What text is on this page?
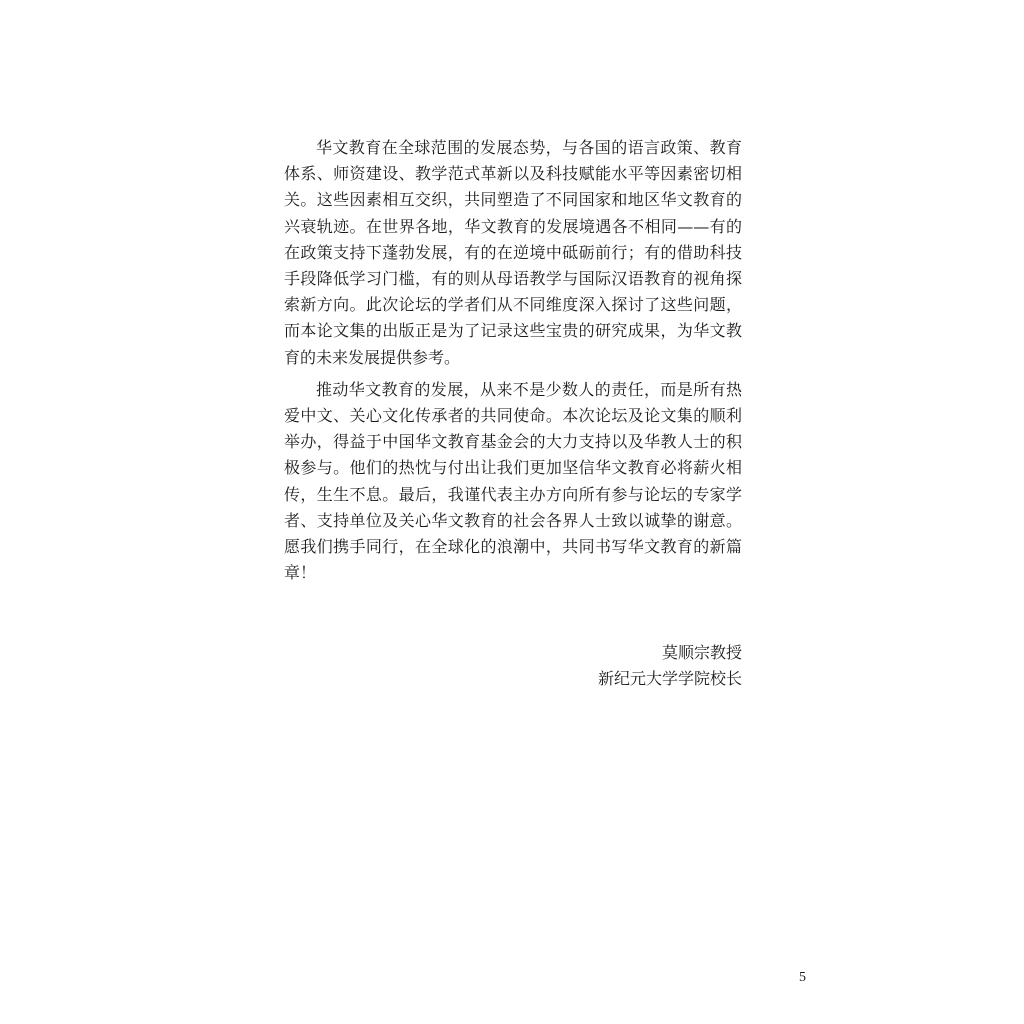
华文教育在全球范围的发展态势，与各国的语言政策、教育体系、师资建设、教学范式革新以及科技赋能水平等因素密切相关。这些因素相互交织，共同塑造了不同国家和地区华文教育的兴衰轨迹。在世界各地，华文教育的发展境遇各不相同——有的在政策支持下蓬勃发展，有的在逆境中砥砺前行；有的借助科技手段降低学习门槛，有的则从母语教学与国际汉语教育的视角探索新方向。此次论坛的学者们从不同维度深入探讨了这些问题，而本论文集的出版正是为了记录这些宝贵的研究成果，为华文教育的未来发展提供参考。

推动华文教育的发展，从来不是少数人的责任，而是所有热爱中文、关心文化传承者的共同使命。本次论坛及论文集的顺利举办，得益于中国华文教育基金会的大力支持以及华教人士的积极参与。他们的热忱与付出让我们更加坚信华文教育必将薪火相传，生生不息。最后，我谨代表主办方向所有参与论坛的专家学者、支持单位及关心华文教育的社会各界人士致以诚挚的谢意。愿我们携手同行，在全球化的浪潮中，共同书写华文教育的新篇章！

莫顺宗教授
新纪元大学学院校长
5
